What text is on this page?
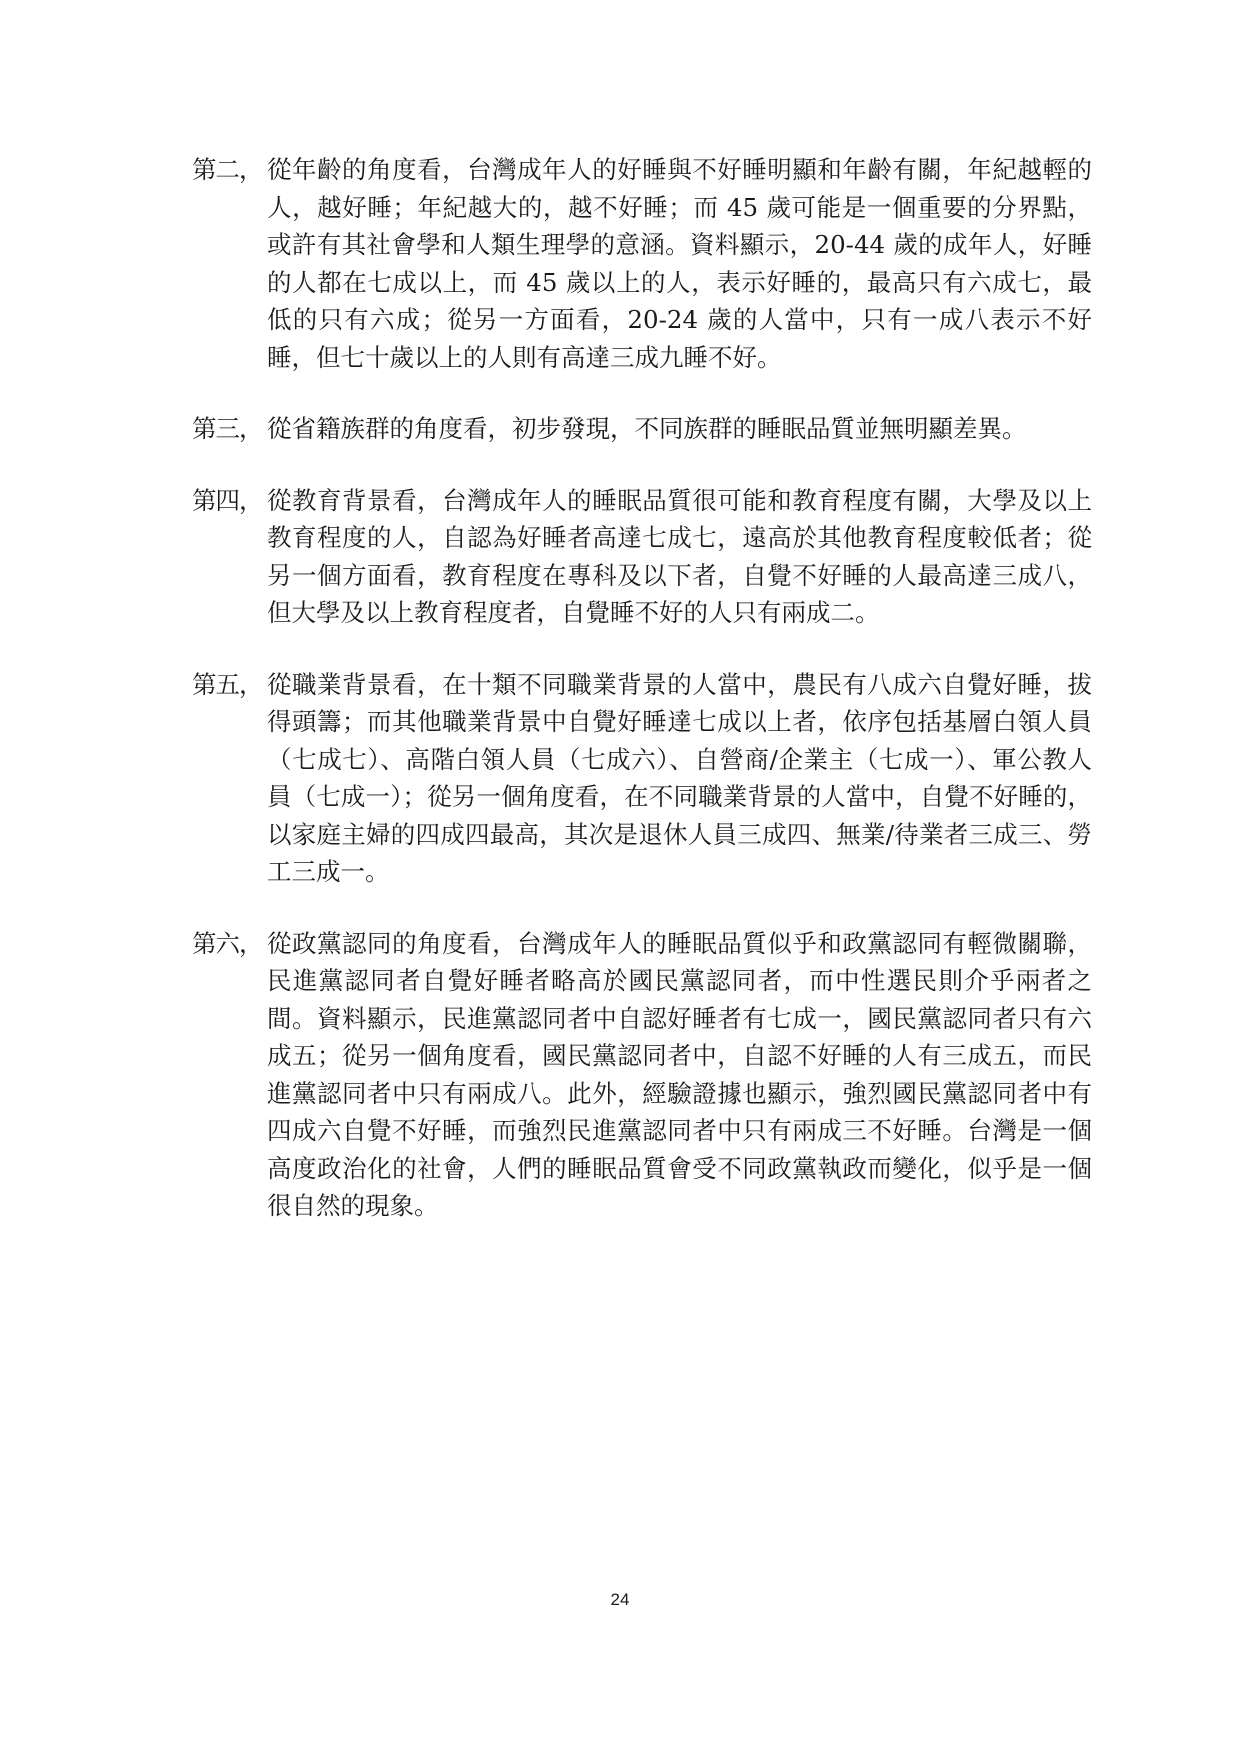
第二， 從年齡的角度看，台灣成年人的好睡與不好睡明顯和年齡有關，年紀越輕的人，越好睡；年紀越大的，越不好睡；而 45 歲可能是一個重要的分界點，或許有其社會學和人類生理學的意涵。資料顯示，20-44 歲的成年人，好睡的人都在七成以上，而 45 歲以上的人，表示好睡的，最高只有六成七，最低的只有六成；從另一方面看，20-24 歲的人當中，只有一成八表示不好睡，但七十歲以上的人則有高達三成九睡不好。
第三， 從省籍族群的角度看，初步發現，不同族群的睡眠品質並無明顯差異。
第四， 從教育背景看，台灣成年人的睡眠品質很可能和教育程度有關，大學及以上教育程度的人，自認為好睡者高達七成七，遠高於其他教育程度較低者；從另一個方面看，教育程度在專科及以下者，自覺不好睡的人最高達三成八，但大學及以上教育程度者，自覺睡不好的人只有兩成二。
第五， 從職業背景看，在十類不同職業背景的人當中，農民有八成六自覺好睡，拔得頭籌；而其他職業背景中自覺好睡達七成以上者，依序包括基層白領人員（七成七）、高階白領人員（七成六）、自營商/企業主（七成一）、軍公教人員（七成一）；從另一個角度看，在不同職業背景的人當中，自覺不好睡的，以家庭主婦的四成四最高，其次是退休人員三成四、無業/待業者三成三、勞工三成一。
第六， 從政黨認同的角度看，台灣成年人的睡眠品質似乎和政黨認同有輕微關聯，民進黨認同者自覺好睡者略高於國民黨認同者，而中性選民則介乎兩者之間。資料顯示，民進黨認同者中自認好睡者有七成一，國民黨認同者只有六成五；從另一個角度看，國民黨認同者中，自認不好睡的人有三成五，而民進黨認同者中只有兩成八。此外，經驗證據也顯示，強烈國民黨認同者中有四成六自覺不好睡，而強烈民進黨認同者中只有兩成三不好睡。台灣是一個高度政治化的社會，人們的睡眠品質會受不同政黨執政而變化，似乎是一個很自然的現象。
24
